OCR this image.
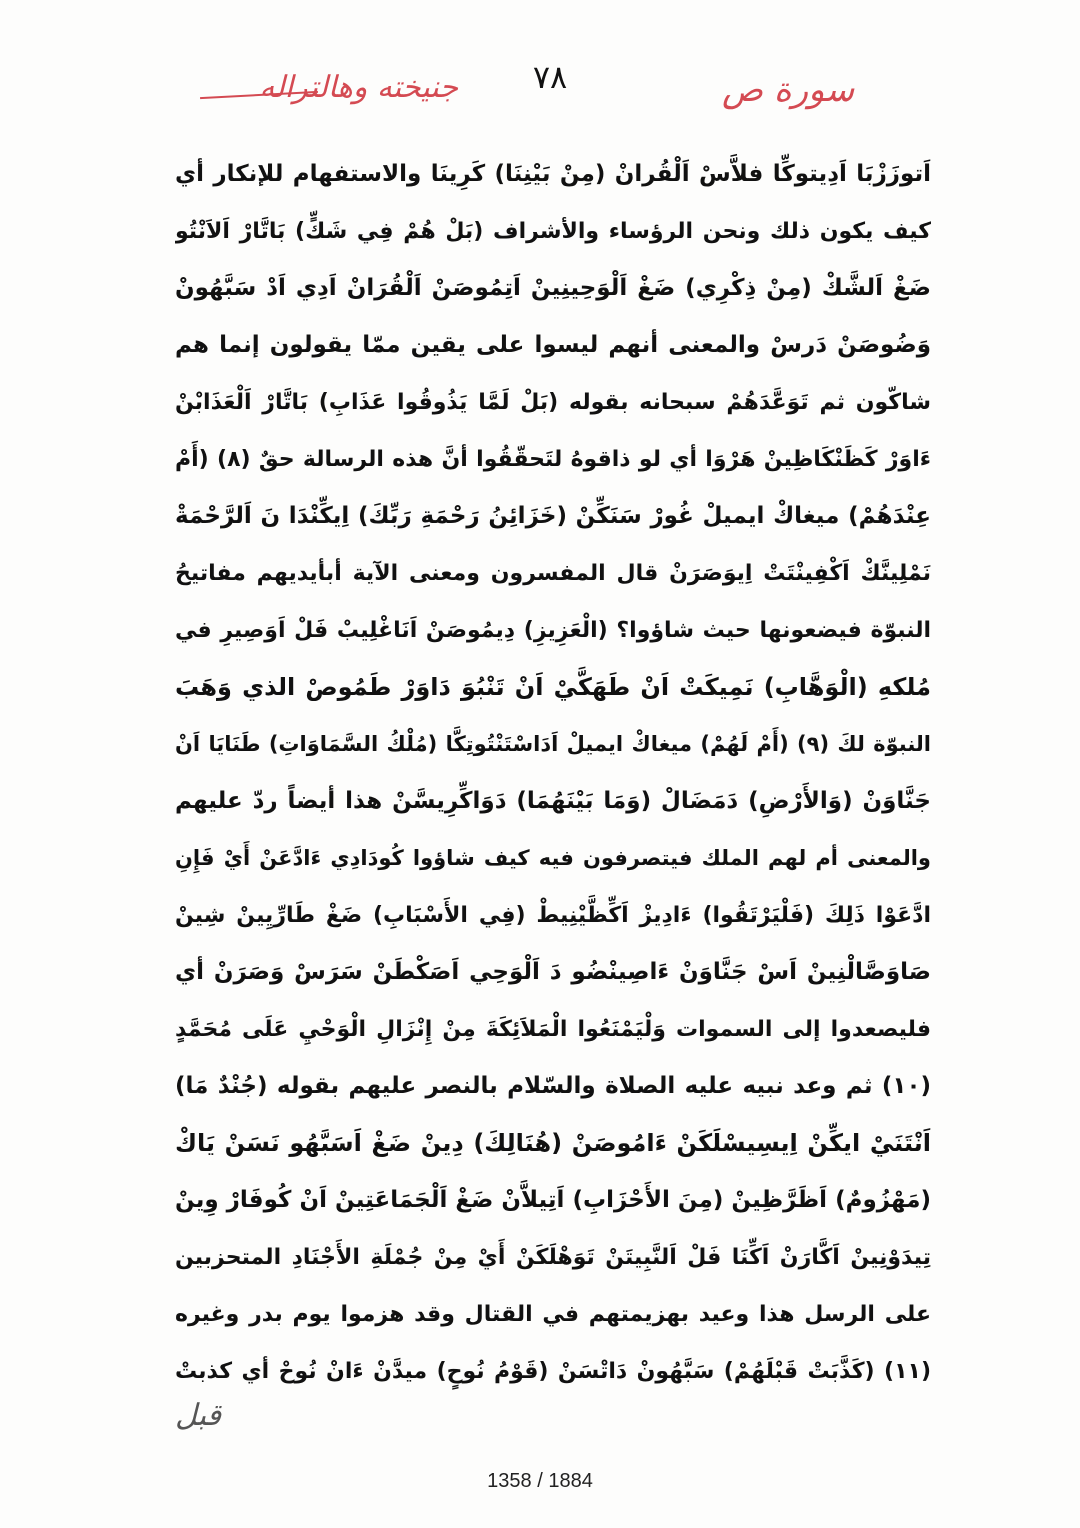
جنيخته وهالتراله	٧٨	سورة ص
اَتوزَزْبَا اَدِيتوكِّا فلاَّسْ اَلْقُرانْ (مِنْ بَيْنِنَا) كَرِينَا والاستفهام للإنكار أي
كيف يكون ذلك ونحن الرؤساء والأشراف (بَلْ هُمْ فِي شَكٍّ) بَاتَّارْ اَلاَنْتُو
ضَغْ اَلشَّكْ (مِنْ ذِكْرِي) ضَغْ اَلْوَحِينِينْ اَتِمُوصَنْ اَلْقُرَانْ اَدِي اَدْ سَبَّهُونْ
وَضُوصَنْ دَرسْ والمعنى أنهم ليسوا على يقين ممّا يقولون إنما هم
شاكّون ثم تَوَعَّدَهُمْ سبحانه بقوله (بَلْ لَمَّا يَذُوقُوا عَذَابِ) بَاتَّارْ اَلْعَذَابْنْ
ءَاوَرْ كَظَنْكَاظِينْ هَرْوَا أي لو ذاقوهُ لتَحقّقُوا أنَّ هذه الرسالة حقٌ (٨) (أَمْ
عِنْدَهُمْ) ميغاكْ ايميلْ غُورْ سَنَكِّنْ (خَزَائِنُ رَحْمَةِ رَبِّكَ) اِيكِّنْدَا نَ اَلرَّحْمَةْ
نَمْلِينَّكْ اَكْفِينْتَتْ اِيوَصَرَنْ قال المفسرون ومعنى الآية أبأيديهم مفاتيحُ
النبوّة فيضعونها حيث شاؤوا؟ (الْعَزِيزِ) دِيمُوصَنْ اَنَاغْلِيبْ فَلْ اَوَصِيرِ في
مُلكهِ (الْوَهَّابِ) نَمِيكَتْ اَنْ طَهَكَّيْ اَنْ تَنْبُوَ دَاوَرْ طَمُوصْ الذي وَهَبَ
النبوّة لكَ (٩) (أَمْ لَهُمْ) ميغاكْ ايميلْ اَدَاسْتَنْتُوتِكَّا (مُلْكُ السَّمَاوَاتِ) طَنَايَا اَنْ
جَنَّاوَنْ (وَالأَرْضِ) دَمَضَالْ (وَمَا بَيْنَهُمَا) دَوَاكِّرِيسَّنْ هذا أيضاً ردّ عليهم
والمعنى أم لهم الملك فيتصرفون فيه كيف شاؤوا كُودَادِي ءَادَّعَنْ أَيْ فَإِنِ
ادَّعَوْا ذَلِكَ (فَلْيَرْتَقُوا) ءَادِيزْ اَكِّظَّيْنِيطْ (فِي الأَسْبَابِ) ضَغْ طَارِّيِينْ شِينْ
صَاوَصَّالْنِينْ اَسْ جَنَّاوَنْ ءَاصِينْضُو دَ اَلْوَحِي اَصَكْطَنْ سَرَسْ وَصَرَنْ أي
فليصعدوا إلى السموات وَلْيَمْنَعُوا الْمَلاَئِكَةَ مِنْ إِنْزَالِ الْوَحْيِ عَلَى مُحَمَّدٍ
(١٠) ثم وعد نبيه عليه الصلاة والسّلام بالنصر عليهم بقوله (جُنْدٌ مَا)
اَنْتَنَيْ ايكِّنْ اِيسِيسْلَكَنْ ءَامُوصَنْ (هُنَالِكَ) دِينْ ضَغْ اَسَبَّهُو نَسَنْ يَاكْ
(مَهْزُومٌ) اَظَرَّظِينْ (مِنَ الأَحْزَابِ) اَتِيلاَّنْ ضَغْ اَلْجَمَاعَتِينْ اَنْ كُوفَارْ وِينْ
تِيدَوْنِينْ اَكَّارَنْ اَكِّنَا فَلْ اَلنَّبِيتَنْ تَوَهْلَكَنْ أَيْ مِنْ جُمْلَةِ الأَجْنَادِ المتحزبين
على الرسل هذا وعيد بهزيمتهم في القتال وقد هزموا يوم بدر وغيره
(١١) (كَذَّبَتْ قَبْلَهُمْ) سَبَّهُونْ دَاتْسَنْ (قَوْمُ نُوحٍ) ميدَّنْ ءَانْ نُوحْ أي كذبتْ
قبل
1358 / 1884
